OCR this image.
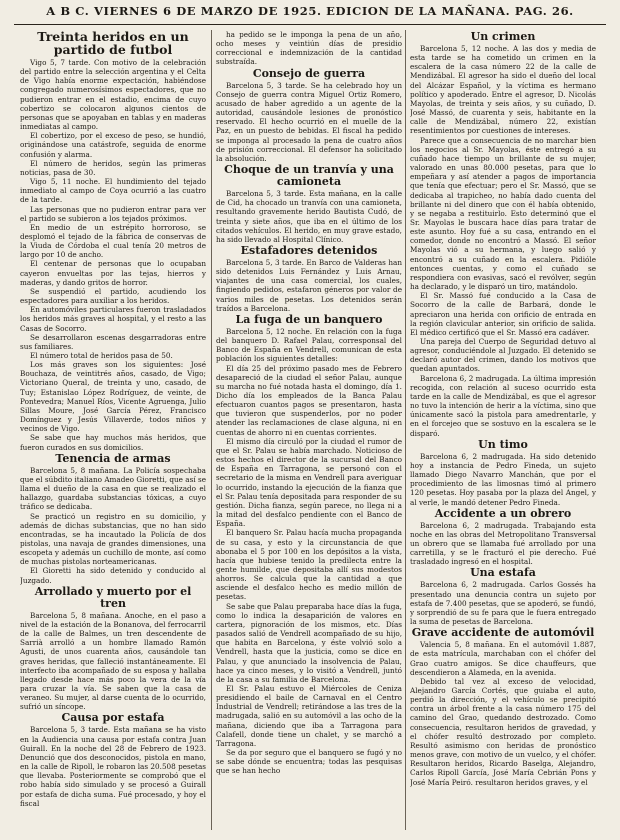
A B C. VIERNES 6 DE MARZO DE 1925. EDICION DE LA MAÑANA. PAG. 26.
Treinta heridos en un partido de futbol

Vigo 5, 7 tarde. Con motivo de la celebración del partido entre la selección argentina y el Celta de Vigo había enorme expectación, habiéndose congregado numerosísimos espectadores, que no pudieron entrar en el estadio, encima de cuyo cobertizo se colocaron algunos cientos de personas que se apoyaban en tablas y en maderas inmediatas al campo.

El cobertizo, por el exceso de peso, se hundió, originándose una catástrofe, seguida de enorme confusión y alarma.

El número de heridos, según las primeras noticias, pasa de 30.

Vigo 5, 11 noche. El hundimiento del tejado inmediato al campo de Coya ocurrió a las cuatro de la tarde.

Las personas que no pudieron entrar para ver el partido se subieron a los tejados próximos.

En medio de un estrépito horroroso, se desplomó el tejado de la fábrica de conservas de la Viuda de Córdoba el cual tenía 20 metros de largo por 10 de ancho.

El centenar de personas que lo ocupaban cayeron envueltas por las tejas, hierros y maderas, y dando gritos de horror.

Se suspendió el partido, acudiendo los espectadores para auxiliar a los heridos.

En automóviles particulares fueron trasladados los heridos más graves al hospital, y el resto a las Casas de Socorro.

Se desarrollaron escenas desgarradoras entre sus familiares.

El número total de heridos pasa de 50.

Los más graves son los siguientes: José Bouchaza, de veintitrés años, casado, de Vigo; Victoriano Queral, de treinta y uno, casado, de Tuy; Estanislao López Rodríguez, de veinte, de Pontevedra; Manuel Ríos, Vicente Agruenga, Julio Sillas Moure, José García Pérez, Francisco Domínguez y Jesús Villaverde, todos niños y vecinos de Vigo.

Se sabe que hay muchos más heridos, que fueron curados en sus domicilios.

Tenencia de armas

Barcelona 5, 8 mañana. La Policía sospechaba que el súbdito italiano Amadeo Gioretti, que así se llama el dueño de la casa en que se realizado el hallazgo, guardaba substancias tóxicas, a cuyo tráfico se dedicaba.

Se practicó un registro en su domicilio, y además de dichas substancias, que no han sido encontradas, se ha incautado la Policía de dos pistolas, una navaja de grandes dimensiones, una escopeta y además un cuchillo de monte, así como de muchas pistolas norteamericanas.

El Gioretti ha sido detenido y conducido al Juzgado.

Arrollado y muerto por el tren

Barcelona 5, 8 mañana. Anoche, en el paso a nivel de la estación de la Bonanova, del ferrocarril de la calle de Balmes, un tren descendente de Sarrià arrolló a un hombre llamado Ramón Agusti, de unos cuarenta años, causándole tan graves heridas, que falleció instantáneamente. El interfecto iba acompañado de su esposa y hallaba llegado desde hace más poco la vera de la vía para cruzar la vía. Se saben que la casa de veraneo. Su mujer, al darse cuenta de lo ocurrido, sufrió un síncope.

Causa por estafa

Barcelona 5, 3 tarde. Esta mañana se ha visto en la Audiencia una causa por estafa contra Juan Guirall. En la noche del 28 de Febrero de 1923. Denunció que dos desconocidos, pistola en mano, en la calle de Ripoll, le robaron las 20.508 pesetas que llevaba. Posteriormente se comprobó que el robo había sido simulado y se procesó a Guirall por estafa de dicha suma. Fué procesado, y hoy el fiscal

ha pedido se le imponga la pena de un año, ocho meses y veintiún días de presidio correccional e indemnización de la cantidad substraída.

Consejo de guerra

Barcelona 5, 3 tarde. Se ha celebrado hoy un Consejo de guerra contra Miguel Ortiz Romero, acusado de haber agredido a un agente de la autoridad, causándole lesiones de pronóstico reservado. El hecho ocurrió en el muelle de la Paz, en un puesto de bebidas. El fiscal ha pedido se imponga al procesado la pena de cuatro años de prisión correccional. El defensor ha solicitado la absolución.

Choque de un tranvía y una camioneta

Barcelona 5, 3 tarde. Esta mañana, en la calle de Cid, ha chocado un tranvía con una camioneta, resultando gravemente herido Bautista Cudó, de treinta y siete años, que iba en el último de los citados vehículos. El herido, en muy grave estado, ha sido llevado al Hospital Clínico.

Estafadores detenidos

Barcelona 5, 3 tarde. En Barco de Valderas han sido detenidos Luis Fernández y Luis Arnau, viajantes de una casa comercial, los cuales, fingiendo pedidos, estafaron géneros por valor de varios miles de pesetas. Los detenidos serán traídos a Barcelona.

La fuga de un banquero

Barcelona 5, 12 noche. En relación con la fuga del banquero D. Rafael Palau, corresponsal del Banco de España en Vendrell, comunican de esta población los siguientes detalles:

El día 25 del próximo pasado mes de Febrero desapareció de la ciudad el señor Palau, aunque su marcha no fué notada hasta el domingo, día 1. Dicho día los empleados de la Banca Palau efectuaron cuantos pagos se presentaron, hasta que tuvieron que suspenderlos, por no poder atender las reclamaciones de clase alguna, ni en cuentas de ahorro ni en cuentas corrientes.

El mismo día circuló por la ciudad el rumor de que el Sr. Palau se había marchado. Noticioso de estos hechos el director de la sucursal del Banco de España en Tarragona, se personó con el secretario de la misma en Vendrell para averiguar lo ocurrido, instando la ejecución de la fianza que el Sr. Palau tenía depositada para responder de su gestión. Dicha fianza, según parece, no llega ni a la mitad del desfalco pendiente con el Banco de España.

El banquero Sr. Palau hacía mucha propaganda de su casa, y esto y la circunstancia de que abonaba el 5 por 100 en los depósitos a la vista, hacía que hubiese tenido la predilecta entre la gente humilde, que depositaba allí sus modestos ahorros. Se calcula que la cantidad a que asciende el desfalco hecho es medio millón de pesetas.

Se sabe que Palau preparaba hace días la fuga, como lo indica la desaparición de valores en cartera, pignoración de los mismos, etc. Días pasados salió de Vendrell acompañado de su hijo, que habita en Barcelona, y éste volvió solo a Vendrell, hasta que la justicia, como se dice en Palau, y que anunciado la insolvencia de Palau, hace ya cinco meses, y lo visitó a Vendrell, juntó de la casa a su familia de Barcelona.

El Sr. Palau estuvo el Miércoles de Ceniza presidiendo el baile de Carnaval en el Centro Industrial de Vendrell; retirándose a las tres de la madrugada, salió en su automóvil a las ocho de la mañana, diciendo que iba a Tarragona para Calafell, donde tiene un chalet, y se marchó a Tarragona.

Se da por seguro que el banquero se fugó y no se sabe dónde se encuentra; todas las pesquisas que se han hecho

Un crimen

Barcelona 5, 12 noche. A las dos y media de esta tarde se ha cometido un crimen en la escalera de la casa número 22 de la calle de Mendizábal. El agresor ha sido el dueño del local del Alcázar Español, y la víctima es hermano político y apoderado. Entre el agresor, D. Nicolás Mayolas, de treinta y seis años, y su cuñado, D. José Massó, de cuarenta y seis, habitante en la calle de Mendizábal, número 22, existían resentimientos por cuestiones de intereses.

Parece que a consecuencia de no marchar bien los negocios al Sr. Mayolas, éste entregó a su cuñado hace tiempo un brillante de su mujer, valorado en unas 80.000 pesetas, para que lo empeñara y así atender a pagos de importancia que tenía que efectuar; pero el Sr. Massó, que se dedicaba al trapicheo, no había dado cuenta del brillante ni del dinero que con él había obtenido, y se negaba a restituirlo. Esto determinó que el Sr. Mayolas le buscara hace días para tratar de este asunto. Hoy fué a su casa, entrando en el comedor, donde no encontró a Massó. El señor Mayolas vió a su hermana, y luego salió y encontró a su cuñado en la escalera. Pidióle entonces cuentas, y como el cuñado se respondiera con evasivas, sacó el revólver, según ha declarado, y le disparó un tiro, matándolo.

El Sr. Massó fué conducido a la Casa de Socorro de la calle de Barbará, donde le apreciaron una herida con orificio de entrada en la región clavicular anterior, sin orificio de salida. El médico certificó que el Sr. Massó era cadáver.

Una pareja del Cuerpo de Seguridad detuvo al agresor, conduciéndole al Juzgado. El detenido se declaró autor del crimen, dando los motivos que quedan apuntados.

Barcelona 6, 2 madrugada. La última impresión recogida, con relación al suceso ocurrido esta tarde en la calle de Mendizábal, es que el agresor no tuvo la intención de herir a la víctima, sino que únicamente sacó la pistola para amedrentarle, y en el forcejeo que se sostuvo en la escalera se le disparó.

Un timo

Barcelona 6, 2 madrugada. Ha sido detenido hoy a instancia de Pedro Fineda, un sujeto llamado Diego Navarro Manchán, que por el procedimiento de las limosnas timó al primero 120 pesetas. Hoy pasaba por la plaza del Angel, y al verle, le mandó detener Pedro Fineda.

Accidente a un obrero

Barcelona 6, 2 madrugada. Trabajando esta noche en las obras del Metropolitano Transversal un obrero que se llamaba fué arrollado por una carretilla, y se le fracturó el pie derecho. Fué trasladado ingresó en el hospital.

Una estafa

Barcelona 6, 2 madrugada. Carlos Gossés ha presentado una denuncia contra un sujeto por estafa de 7.400 pesetas, que se apoderó, se fundó, y sorprendió de su fe para que le fuera entregado la suma de pesetas de Barcelona.

Grave accidente de automóvil

Valencia 5, 8 mañana. En el automóvil 1.887, de esta matrícula, marchaban con el chófer del Grao cuatro amigos. Se dice chauffeurs, que descendieron a Alameda, en la avenida.

Debido tal vez al exceso de velocidad, Alejandro García Cortés, que guiaba el auto, perdió la dirección, y el vehículo se precipitó contra un árbol frente a la casa número 175 del camino del Grao, quedando destrozado. Como consecuencia, resultaron heridos de gravedad, y el chófer resultó destrozado por completo. Resultó asimismo con heridas de pronóstico menos grave, con motivo de un vuelco, y el chófer. Resultaron heridos, Ricardo Baselga, Alejandro, Carlos Ripoll García, José María Cebrián Pons y José María Peiró. resultaron heridos graves, y el
